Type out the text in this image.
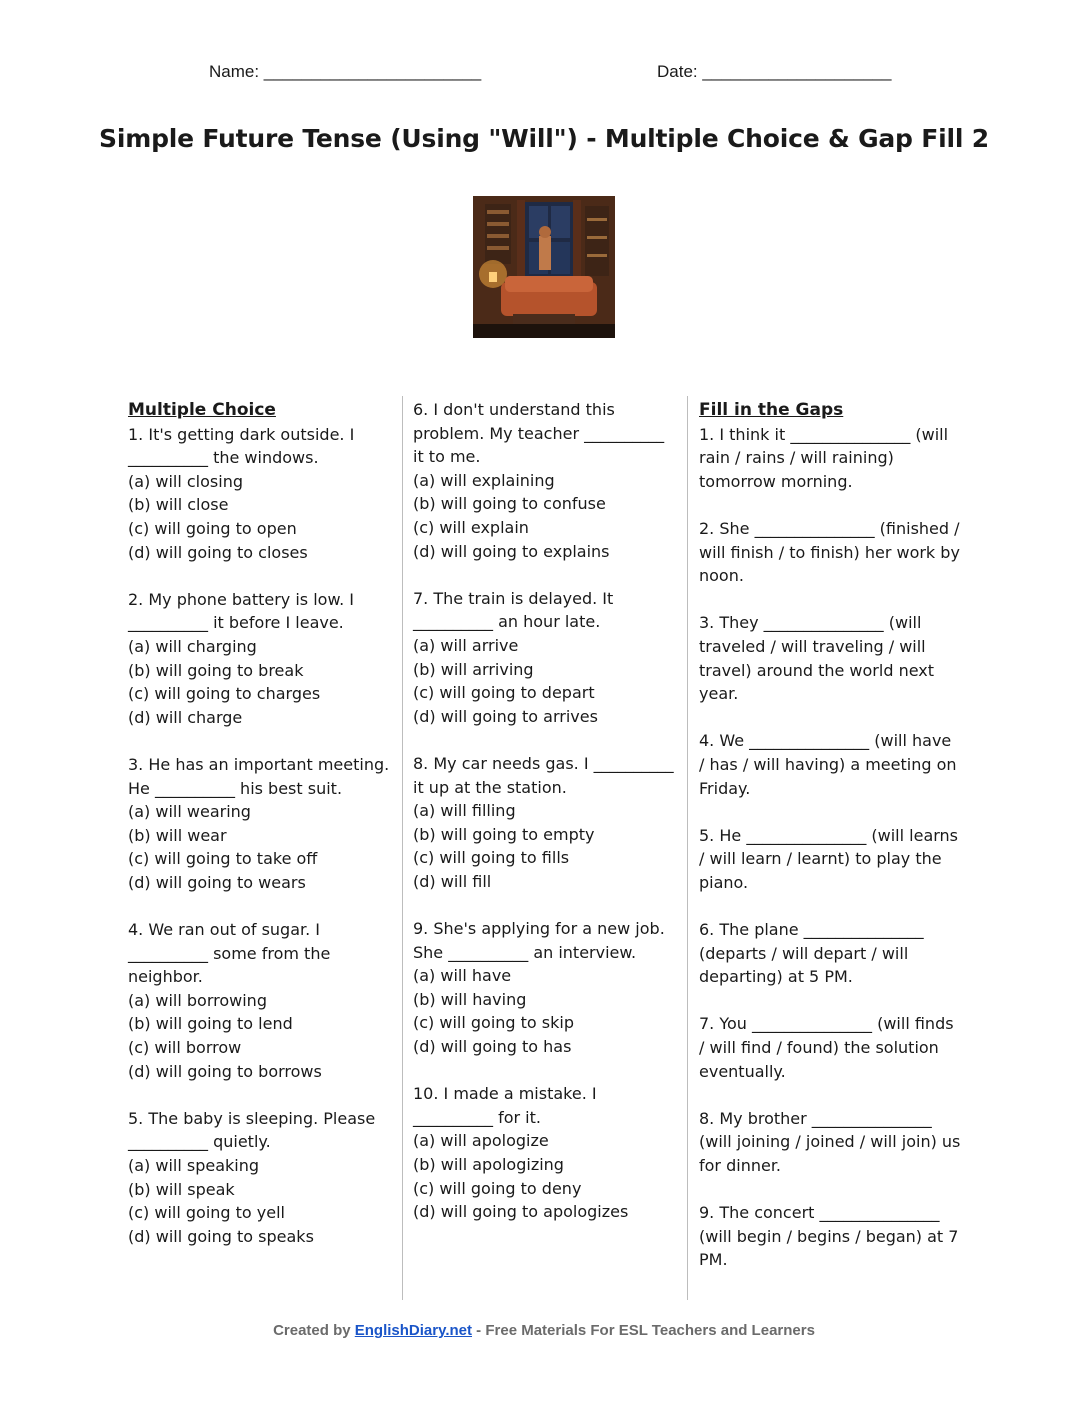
Name: _______________________	Date: ____________________
Simple Future Tense (Using "Will") - Multiple Choice & Gap Fill 2
Multiple Choice
1. It's getting dark outside. I
__________ the windows.
(a) will closing
(b) will close
(c) will going to open
(d) will going to closes
2. My phone battery is low. I
__________ it before I leave.
(a) will charging
(b) will going to break
(c) will going to charges
(d) will charge
3. He has an important meeting.
He __________ his best suit.
(a) will wearing
(b) will wear
(c) will going to take off
(d) will going to wears
4. We ran out of sugar. I
__________ some from the
neighbor.
(a) will borrowing
(b) will going to lend
(c) will borrow
(d) will going to borrows
5. The baby is sleeping. Please
__________ quietly.
(a) will speaking
(b) will speak
(c) will going to yell
(d) will going to speaks
6. I don't understand this
problem. My teacher __________
it to me.
(a) will explaining
(b) will going to confuse
(c) will explain
(d) will going to explains
7. The train is delayed. It
__________ an hour late.
(a) will arrive
(b) will arriving
(c) will going to depart
(d) will going to arrives
8. My car needs gas. I __________
it up at the station.
(a) will filling
(b) will going to empty
(c) will going to fills
(d) will fill
9. She's applying for a new job.
She __________ an interview.
(a) will have
(b) will having
(c) will going to skip
(d) will going to has
10. I made a mistake. I
__________ for it.
(a) will apologize
(b) will apologizing
(c) will going to deny
(d) will going to apologizes
Fill in the Gaps
1. I think it _______________ (will rain / rains / will raining) tomorrow morning.
2. She _______________ (finished / will finish / to finish) her work by noon.
3. They _______________ (will traveled / will traveling / will travel) around the world next year.
4. We _______________ (will have / has / will having) a meeting on Friday.
5. He _______________ (will learns / will learn / learnt) to play the piano.
6. The plane _______________ (departs / will depart / will departing) at 5 PM.
7. You _______________ (will finds / will find / found) the solution eventually.
8. My brother _______________ (will joining / joined / will join) us for dinner.
9. The concert _______________ (will begin / begins / began) at 7 PM.
Created by EnglishDiary.net - Free Materials For ESL Teachers and Learners
